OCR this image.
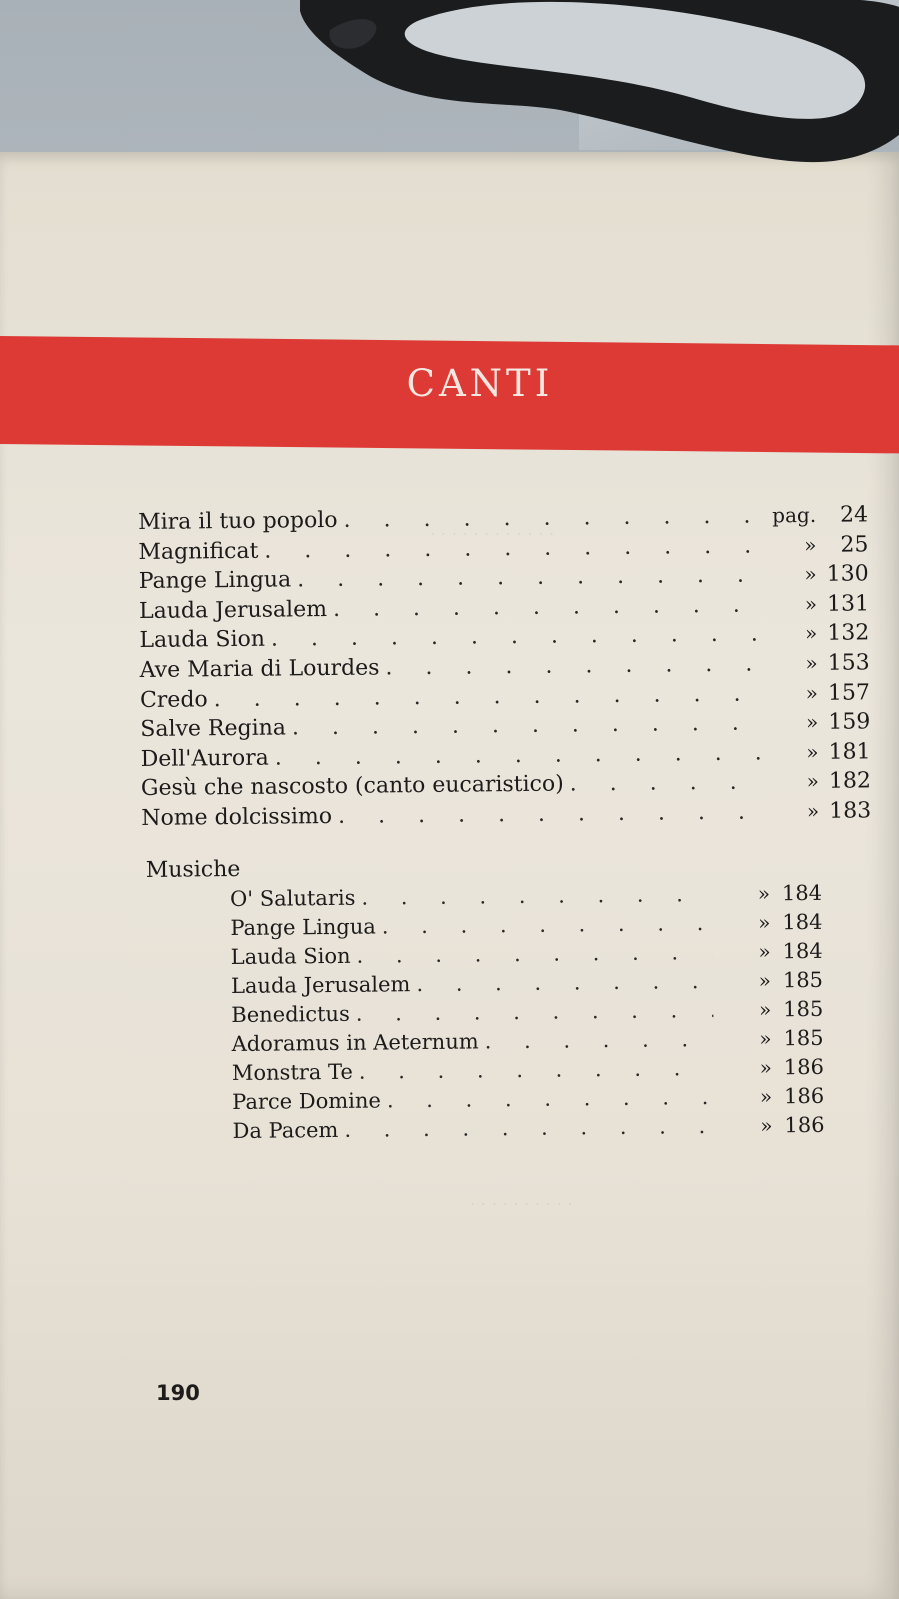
CANTI
. . . . . . . . . . . .
. . . . . . . . . .
Mira il tuo popolo . . .	pag.	24
Magnificat . . .	»	25
Pange Lingua . . .	» 130
Lauda Jerusalem . . .	» 131
Lauda Sion . . .	» 132
Ave Maria di Lourdes . . .	» 153
Credo . . .	» 157
Salve Regina . . .	» 159
Dell'Aurora . . .	» 181
Gesù che nascosto (canto eucaristico) . . .	» 182
Nome dolcissimo . . .	» 183
Musiche
O' Salutaris . . .	» 184
Pange Lingua . . .	» 184
Lauda Sion . . .	» 184
Lauda Jerusalem . . .	» 185
Benedictus . . .	» 185
Adoramus in Aeternum . . .	» 185
Monstra Te . . .	» 186
Parce Domine . . .	» 186
Da Pacem . . .	» 186
190
